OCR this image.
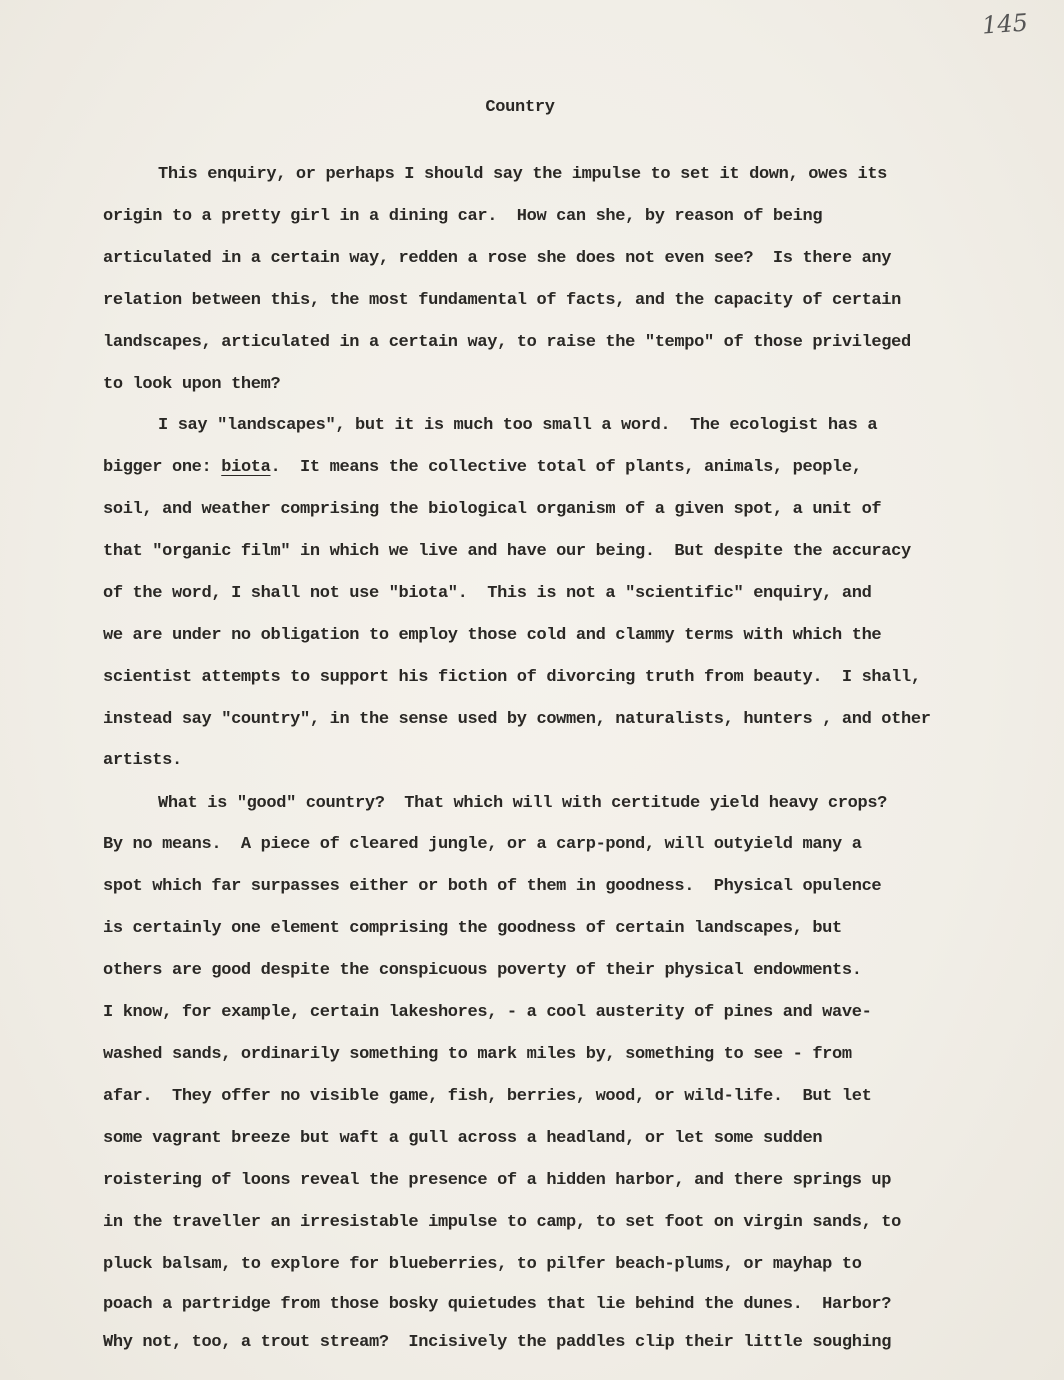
145
Country
This enquiry, or perhaps I should say the impulse to set it down, owes its
origin to a pretty girl in a dining car.  How can she, by reason of being
articulated in a certain way, redden a rose she does not even see?  Is there any
relation between this, the most fundamental of facts, and the capacity of certain
landscapes, articulated in a certain way, to raise the "tempo" of those privileged
to look upon them?
I say "landscapes", but it is much too small a word.  The ecologist has a
bigger one: biota.  It means the collective total of plants, animals, people,
soil, and weather comprising the biological organism of a given spot, a unit of
that "organic film" in which we live and have our being.  But despite the accuracy
of the word, I shall not use "biota".  This is not a "scientific" enquiry, and
we are under no obligation to employ those cold and clammy terms with which the
scientist attempts to support his fiction of divorcing truth from beauty.  I shall,
instead say "country", in the sense used by cowmen, naturalists, hunters , and other
artists.
What is "good" country?  That which will with certitude yield heavy crops?
By no means.  A piece of cleared jungle, or a carp-pond, will outyield many a
spot which far surpasses either or both of them in goodness.  Physical opulence
is certainly one element comprising the goodness of certain landscapes, but
others are good despite the conspicuous poverty of their physical endowments.
I know, for example, certain lakeshores, - a cool austerity of pines and wave-
washed sands, ordinarily something to mark miles by, something to see - from
afar.  They offer no visible game, fish, berries, wood, or wild-life.  But let
some vagrant breeze but waft a gull across a headland, or let some sudden
roistering of loons reveal the presence of a hidden harbor, and there springs up
in the traveller an irresistable impulse to camp, to set foot on virgin sands, to
pluck balsam, to explore for blueberries, to pilfer beach-plums, or mayhap to
poach a partridge from those bosky quietudes that lie behind the dunes.  Harbor?
Why not, too, a trout stream?  Incisively the paddles clip their little soughing
